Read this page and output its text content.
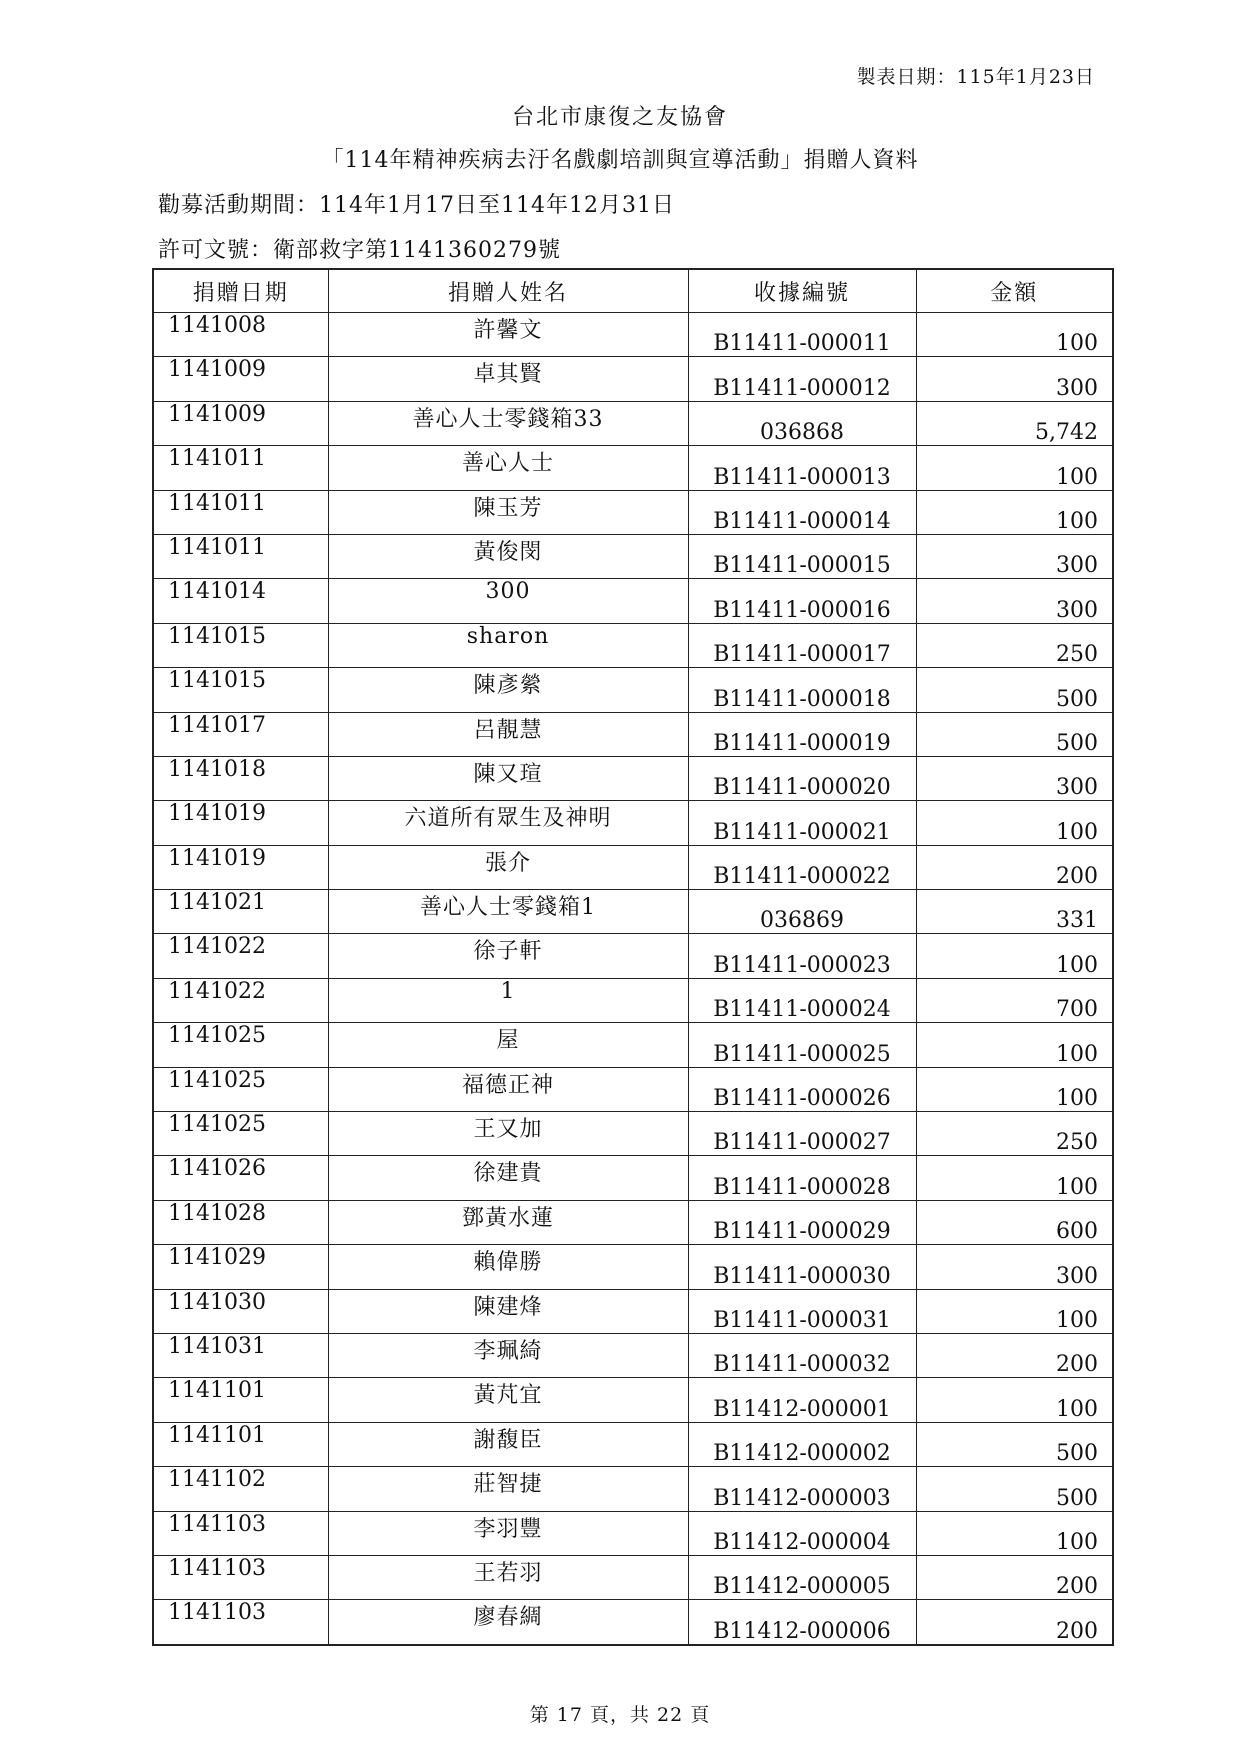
製表日期：115年1月23日
台北市康復之友協會
「114年精神疾病去汙名戲劇培訓與宣導活動」捐贈人資料
勸募活動期間：114年1月17日至114年12月31日
許可文號：衛部救字第1141360279號
捐贈日期	捐贈人姓名	收據編號	金額
1141008	許馨文	B11411-000011	100
1141009	卓其賢	B11411-000012	300
1141009	善心人士零錢箱33	036868	5,742
1141011	善心人士	B11411-000013	100
1141011	陳玉芳	B11411-000014	100
1141011	黃俊閔	B11411-000015	300
1141014	300	B11411-000016	300
1141015	sharon	B11411-000017	250
1141015	陳彥縈	B11411-000018	500
1141017	呂靚慧	B11411-000019	500
1141018	陳又瑄	B11411-000020	300
1141019	六道所有眾生及神明	B11411-000021	100
1141019	張介	B11411-000022	200
1141021	善心人士零錢箱1	036869	331
1141022	徐子軒	B11411-000023	100
1141022	1	B11411-000024	700
1141025	屋	B11411-000025	100
1141025	福德正神	B11411-000026	100
1141025	王又加	B11411-000027	250
1141026	徐建貴	B11411-000028	100
1141028	鄧黃水蓮	B11411-000029	600
1141029	賴偉勝	B11411-000030	300
1141030	陳建烽	B11411-000031	100
1141031	李珮綺	B11411-000032	200
1141101	黃芃宜	B11412-000001	100
1141101	謝馥臣	B11412-000002	500
1141102	莊智捷	B11412-000003	500
1141103	李羽豐	B11412-000004	100
1141103	王若羽	B11412-000005	200
1141103	廖春綢	B11412-000006	200
第 17 頁，共 22 頁
